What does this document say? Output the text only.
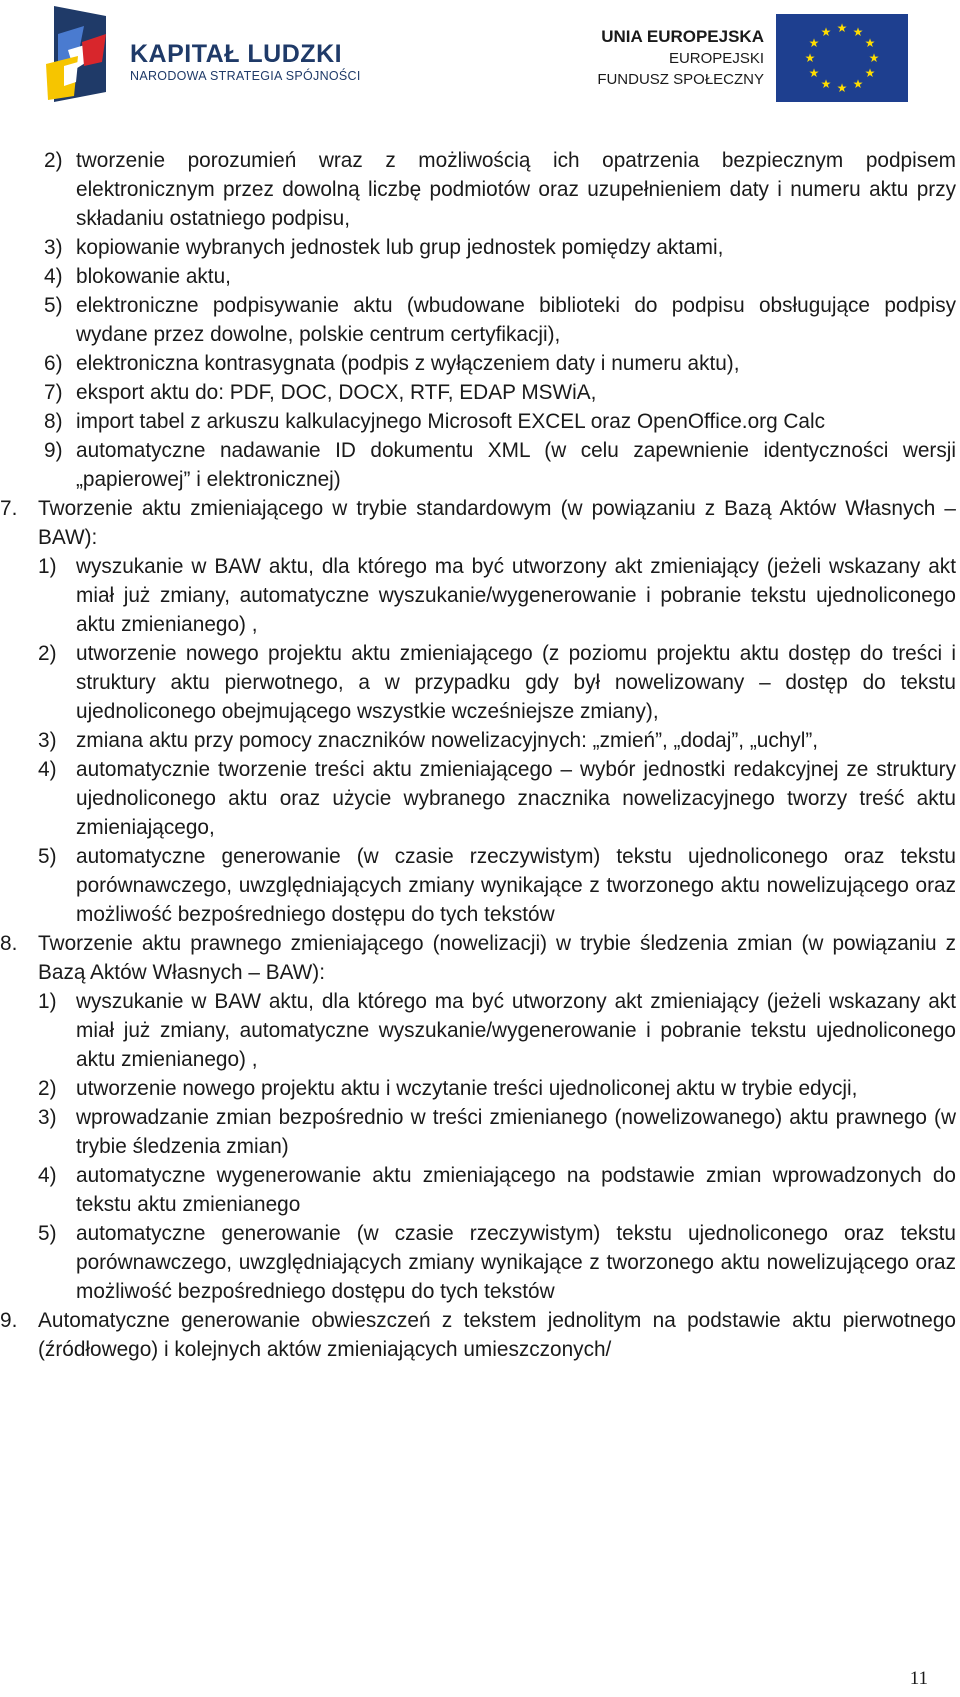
KAPITAŁ LUDZKI
NARODOWA STRATEGIA SPÓJNOŚCI
UNIA EUROPEJSKA
EUROPEJSKI
FUNDUSZ SPOŁECZNY
★ ★
★
★
★
★
★
★
★
★
★
★
2) tworzenie porozumień wraz z możliwością ich opatrzenia bezpiecznym podpisem elektronicznym przez dowolną liczbę podmiotów oraz uzupełnieniem daty i numeru aktu przy składaniu ostatniego podpisu,
3) kopiowanie wybranych jednostek lub grup jednostek pomiędzy aktami,
4) blokowanie aktu,
5) elektroniczne podpisywanie aktu (wbudowane biblioteki do podpisu obsługujące podpisy wydane przez dowolne, polskie centrum certyfikacji),
6) elektroniczna kontrasygnata (podpis z wyłączeniem daty i numeru aktu),
7) eksport aktu do: PDF, DOC, DOCX, RTF, EDAP MSWiA,
8) import tabel z arkuszu kalkulacyjnego Microsoft EXCEL oraz OpenOffice.org Calc
9) automatyczne nadawanie ID dokumentu XML (w celu zapewnienie identyczności wersji „papierowej” i elektronicznej)
7. Tworzenie aktu zmieniającego w trybie standardowym (w powiązaniu z Bazą Aktów Własnych – BAW):
1) wyszukanie w BAW aktu, dla którego ma być utworzony akt zmieniający (jeżeli wskazany akt miał już zmiany, automatyczne wyszukanie/wygenerowanie i pobranie tekstu ujednoliconego aktu zmienianego) ,
2) utworzenie nowego projektu aktu zmieniającego (z poziomu projektu aktu dostęp do treści i struktury aktu pierwotnego, a w przypadku gdy był nowelizowany – dostęp do tekstu ujednoliconego obejmującego wszystkie wcześniejsze zmiany),
3) zmiana aktu przy pomocy znaczników nowelizacyjnych: „zmień”, „dodaj”, „uchyl”,
4) automatycznie tworzenie treści aktu zmieniającego – wybór jednostki redakcyjnej ze struktury ujednoliconego aktu oraz użycie wybranego znacznika nowelizacyjnego tworzy treść aktu zmieniającego,
5) automatyczne generowanie (w czasie rzeczywistym) tekstu ujednoliconego oraz tekstu porównawczego, uwzględniających zmiany wynikające z tworzonego aktu nowelizującego oraz możliwość bezpośredniego dostępu do tych tekstów
8. Tworzenie aktu prawnego zmieniającego (nowelizacji) w trybie śledzenia zmian (w powiązaniu z Bazą Aktów Własnych – BAW):
1) wyszukanie w BAW aktu, dla którego ma być utworzony akt zmieniający (jeżeli wskazany akt miał już zmiany, automatyczne wyszukanie/wygenerowanie i pobranie tekstu ujednoliconego aktu zmienianego) ,
2) utworzenie nowego projektu aktu i wczytanie treści ujednoliconej aktu w trybie edycji,
3) wprowadzanie zmian bezpośrednio w treści zmienianego (nowelizowanego) aktu prawnego (w trybie śledzenia zmian)
4) automatyczne wygenerowanie aktu zmieniającego na podstawie zmian wprowadzonych do tekstu aktu zmienianego
5) automatyczne generowanie (w czasie rzeczywistym) tekstu ujednoliconego oraz tekstu porównawczego, uwzględniających zmiany wynikające z tworzonego aktu nowelizującego oraz możliwość bezpośredniego dostępu do tych tekstów
9. Automatyczne generowanie obwieszczeń z tekstem jednolitym na podstawie aktu pierwotnego (źródłowego) i kolejnych aktów zmieniających umieszczonych/
11
